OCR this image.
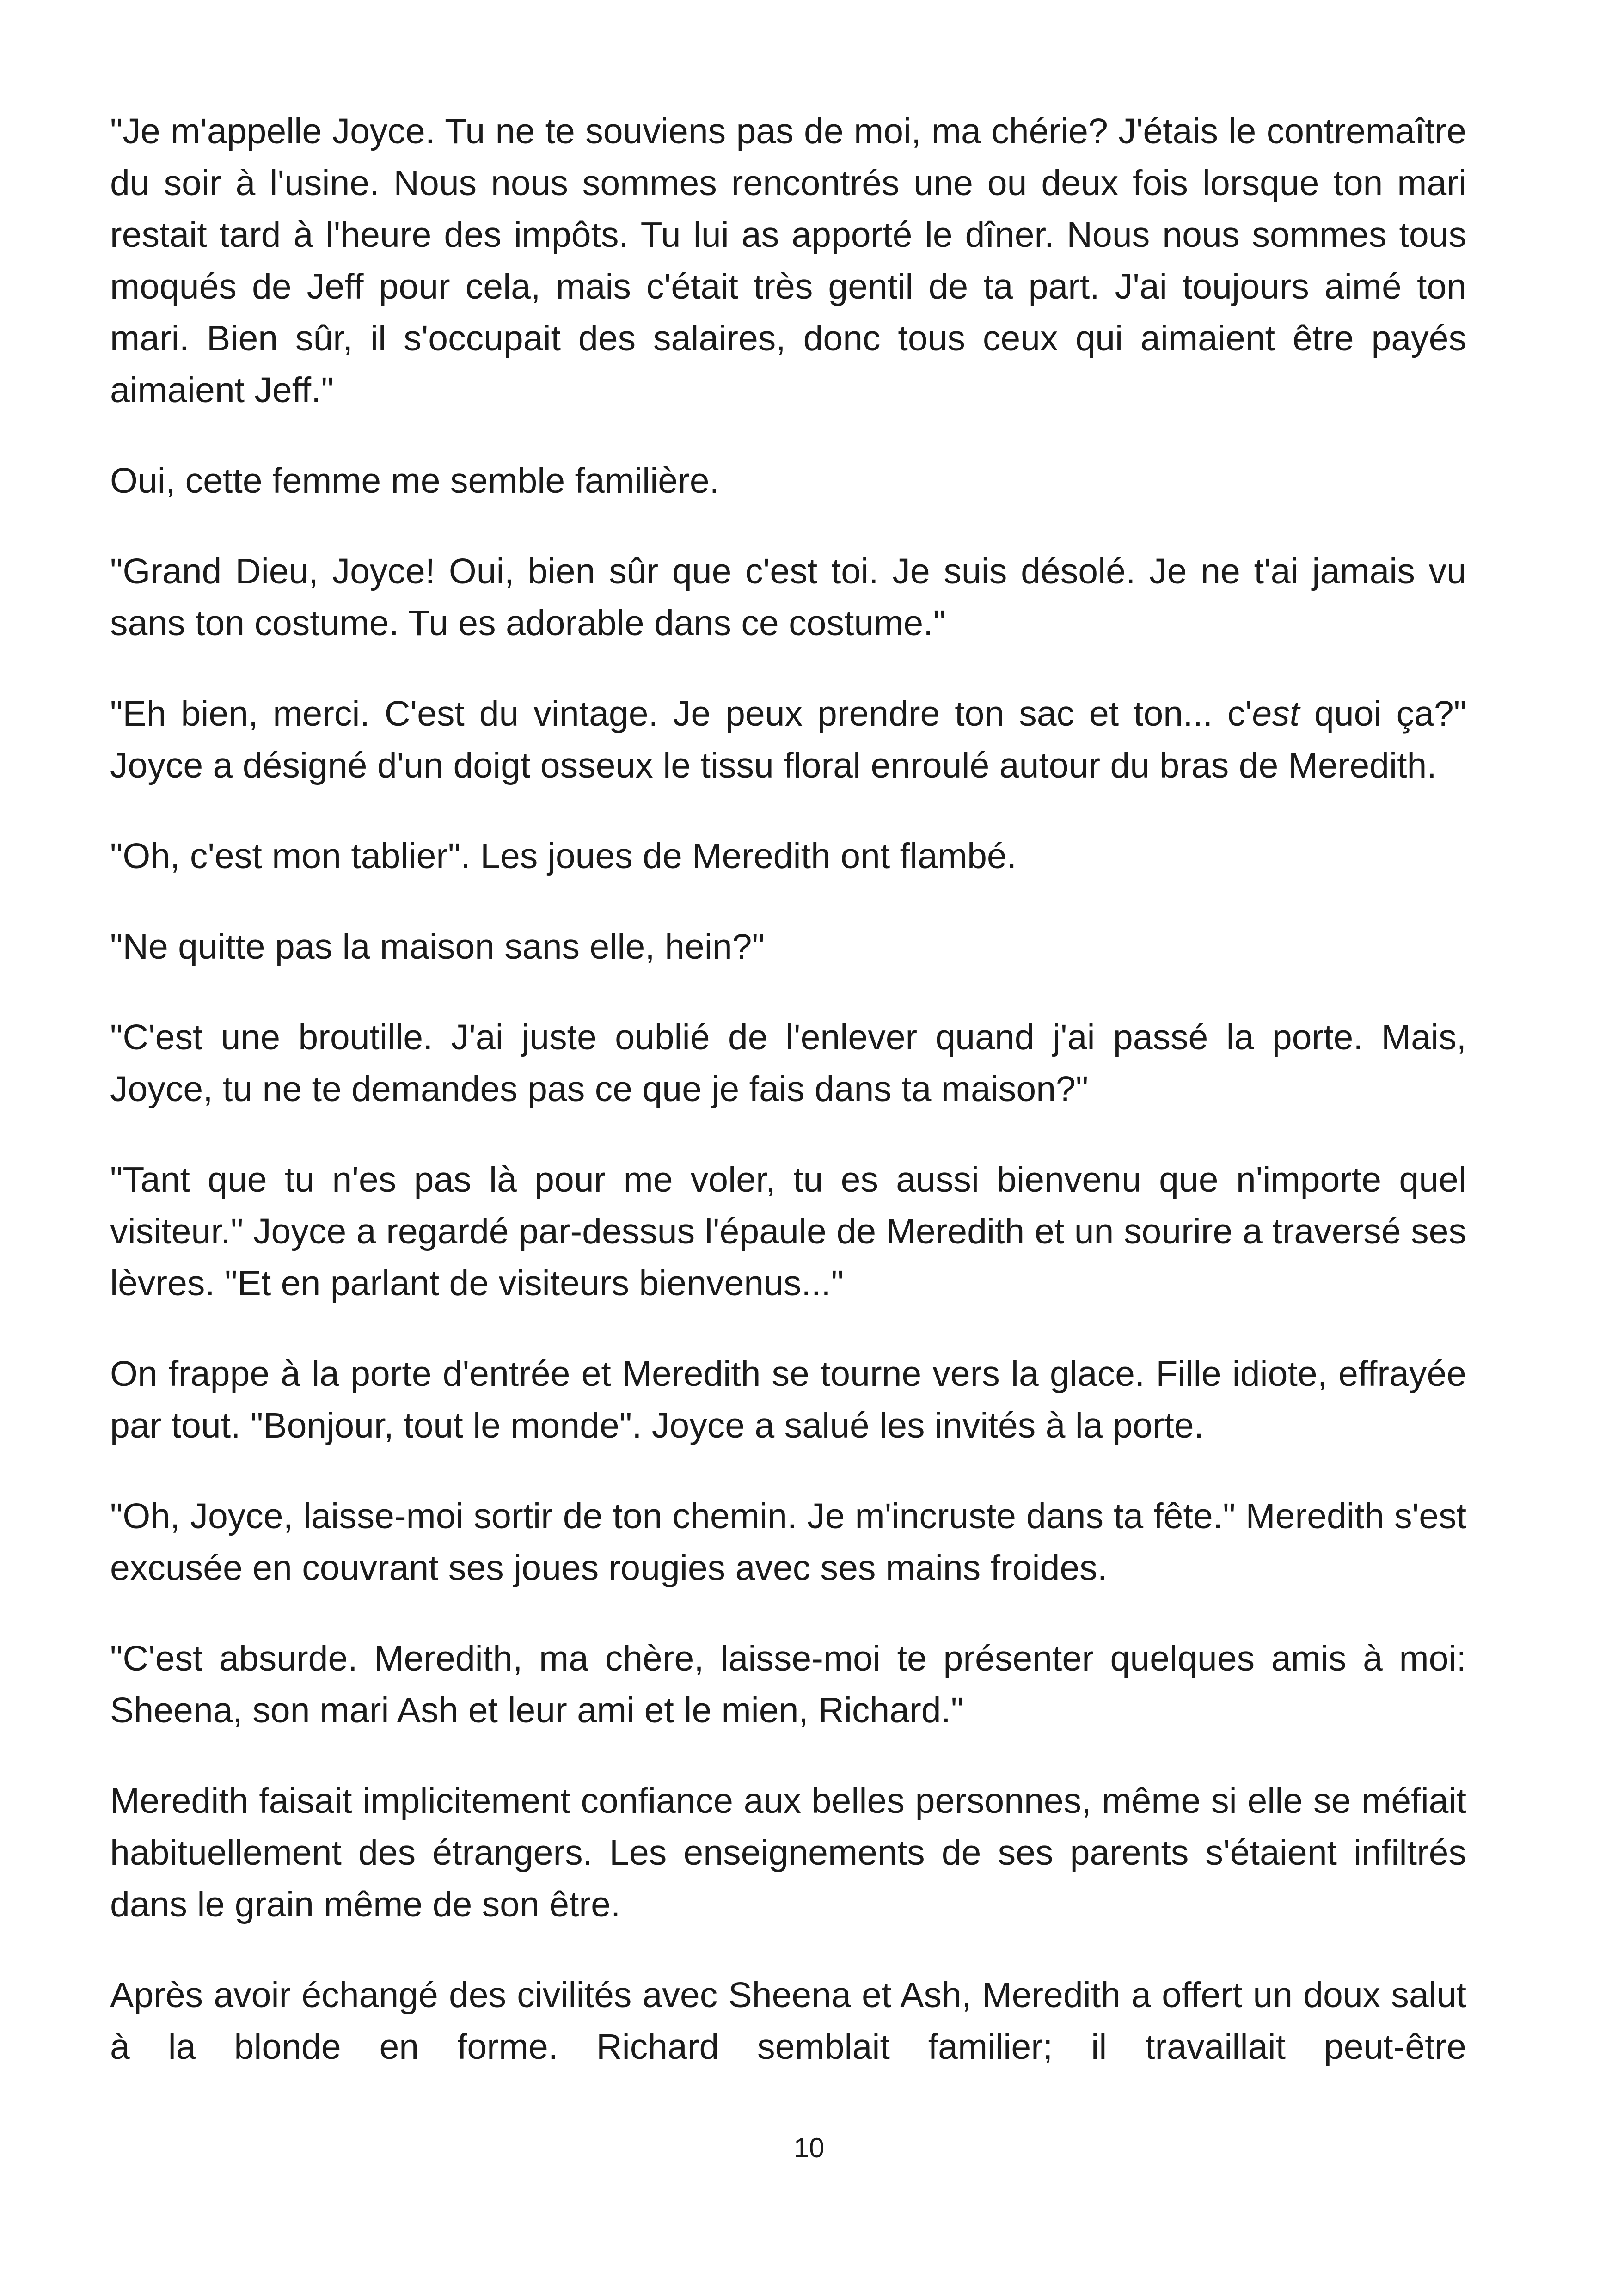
"Je m'appelle Joyce. Tu ne te souviens pas de moi, ma chérie? J'étais le contremaître du soir à l'usine. Nous nous sommes rencontrés une ou deux fois lorsque ton mari restait tard à l'heure des impôts. Tu lui as apporté le dîner. Nous nous sommes tous moqués de Jeff pour cela, mais c'était très gentil de ta part. J'ai toujours aimé ton mari. Bien sûr, il s'occupait des salaires, donc tous ceux qui aimaient être payés aimaient Jeff."

Oui, cette femme me semble familière.

"Grand Dieu, Joyce! Oui, bien sûr que c'est toi. Je suis désolé. Je ne t'ai jamais vu sans ton costume. Tu es adorable dans ce costume."

"Eh bien, merci. C'est du vintage. Je peux prendre ton sac et ton... c'est quoi ça?" Joyce a désigné d'un doigt osseux le tissu floral enroulé autour du bras de Meredith.

"Oh, c'est mon tablier". Les joues de Meredith ont flambé.

"Ne quitte pas la maison sans elle, hein?"

"C'est une broutille. J'ai juste oublié de l'enlever quand j'ai passé la porte. Mais, Joyce, tu ne te demandes pas ce que je fais dans ta maison?"

"Tant que tu n'es pas là pour me voler, tu es aussi bienvenu que n'importe quel visiteur." Joyce a regardé par-dessus l'épaule de Meredith et un sourire a traversé ses lèvres. "Et en parlant de visiteurs bienvenus..."

On frappe à la porte d'entrée et Meredith se tourne vers la glace. Fille idiote, effrayée par tout. "Bonjour, tout le monde". Joyce a salué les invités à la porte.

"Oh, Joyce, laisse-moi sortir de ton chemin. Je m'incruste dans ta fête." Meredith s'est excusée en couvrant ses joues rougies avec ses mains froides.

"C'est absurde. Meredith, ma chère, laisse-moi te présenter quelques amis à moi: Sheena, son mari Ash et leur ami et le mien, Richard."

Meredith faisait implicitement confiance aux belles personnes, même si elle se méfiait habituellement des étrangers. Les enseignements de ses parents s'étaient infiltrés dans le grain même de son être.

Après avoir échangé des civilités avec Sheena et Ash, Meredith a offert un doux salut à la blonde en forme. Richard semblait familier; il travaillait peut-être

10
